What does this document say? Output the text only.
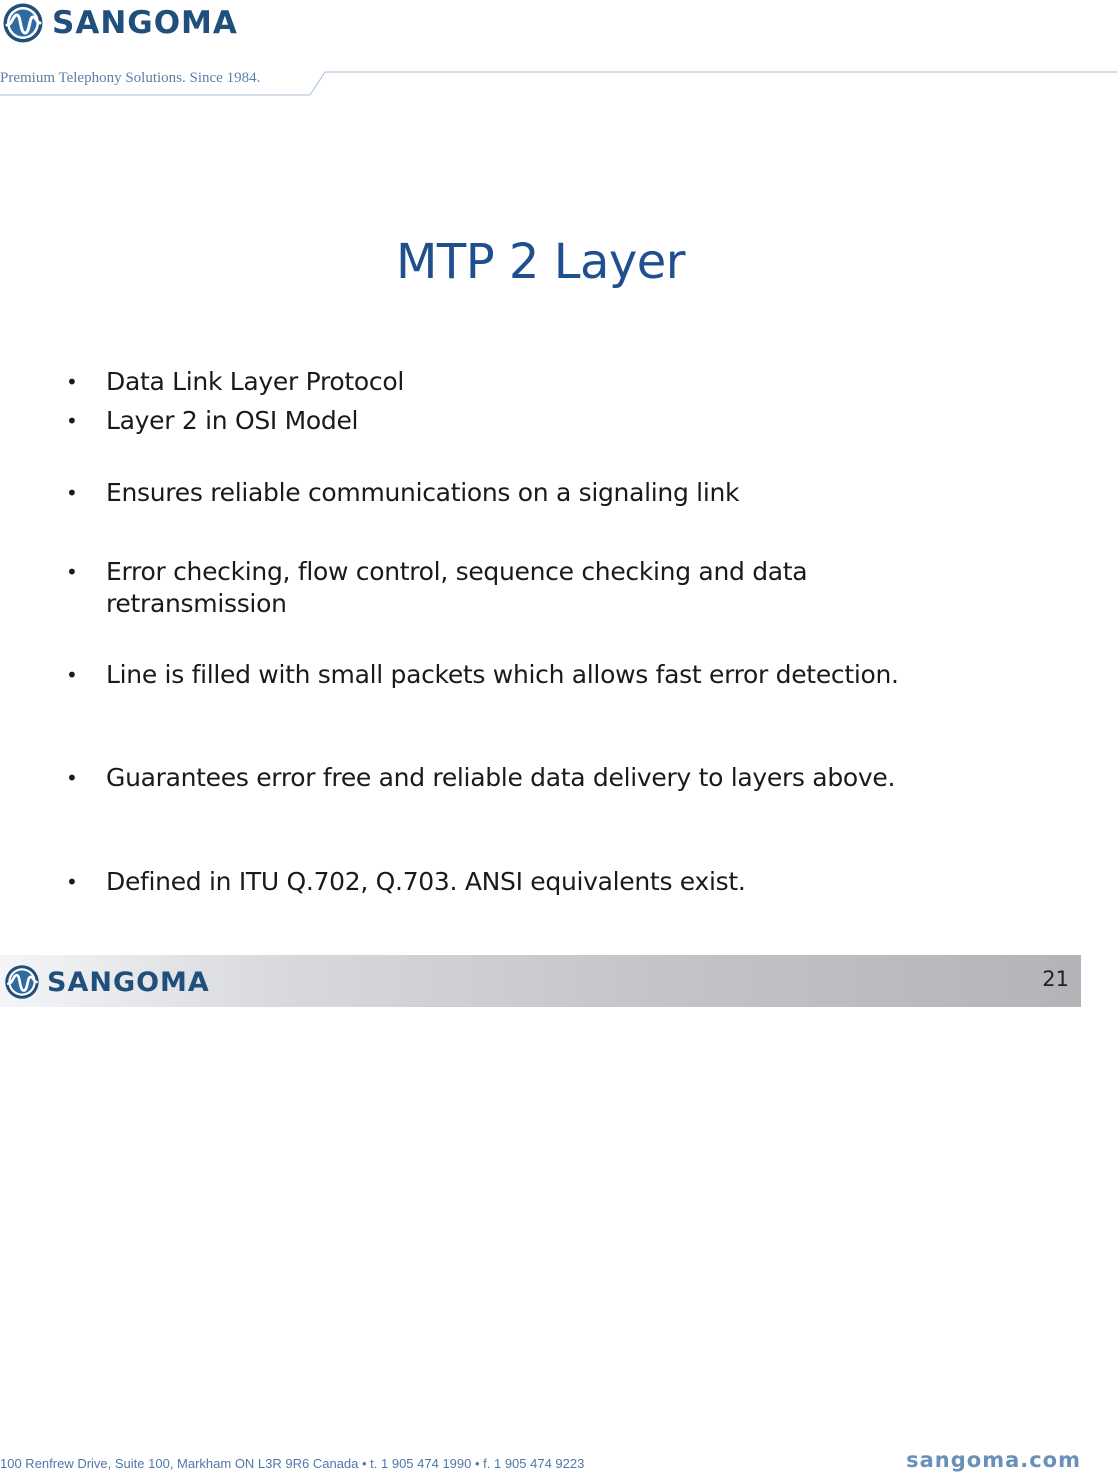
SANGOMA
Premium Telephony Solutions. Since 1984.
MTP 2 Layer
• Data Link Layer Protocol
• Layer 2 in OSI Model
• Ensures reliable communications on a signaling link
• Error checking, flow control, sequence checking and data retransmission
• Line is filled with small packets which allows fast error detection.
• Guarantees error free and reliable data delivery to layers above.
• Defined in ITU Q.702, Q.703. ANSI equivalents exist.
SANGOMA	21
100 Renfrew Drive, Suite 100, Markham ON L3R 9R6 Canada • t. 1 905 474 1990 • f. 1 905 474 9223	sangoma.com
